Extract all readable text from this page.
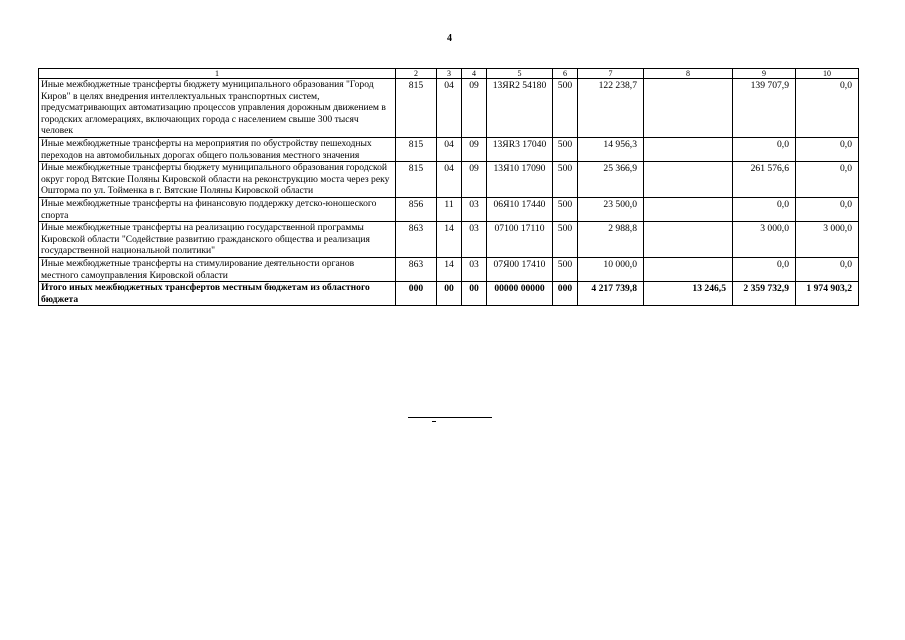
4
1	2	3	4	5	6	7	8	9	10
Иные межбюджетные трансферты бюджету муниципального образования "Город Киров" в целях внедрения интеллектуальных транспортных систем, предусматривающих автоматизацию процессов управления дорожным движением в городских агломерациях, включающих города с населением свыше 300 тысяч человек	815	04	09	13ЯR2 54180	500	122 238,7		139 707,9	0,0
Иные межбюджетные трансферты на мероприятия по обустройству пешеходных переходов на автомобильных дорогах общего пользования местного значения	815	04	09	13ЯR3 17040	500	14 956,3		0,0	0,0
Иные межбюджетные трансферты бюджету муниципального образования городской округ город Вятские Поляны Кировской области на реконструкцию моста через реку Ошторма по ул. Тойменка в г. Вятские Поляны Кировской области	815	04	09	13Я10 17090	500	25 366,9		261 576,6	0,0
Иные межбюджетные трансферты на финансовую поддержку детско-юношеского спорта	856	11	03	06Я10 17440	500	23 500,0		0,0	0,0
Иные межбюджетные трансферты на реализацию государственной программы Кировской области "Содействие развитию гражданского общества и реализация государственной национальной политики"	863	14	03	07100 17110	500	2 988,8		3 000,0	3 000,0
Иные межбюджетные трансферты на стимулирование деятельности органов местного самоуправления Кировской области	863	14	03	07Я00 17410	500	10 000,0		0,0	0,0
Итого иных межбюджетных трансфертов местным бюджетам из областного бюджета	000	00	00	00000 00000	000	4 217 739,8	13 246,5	2 359 732,9	1 974 903,2
